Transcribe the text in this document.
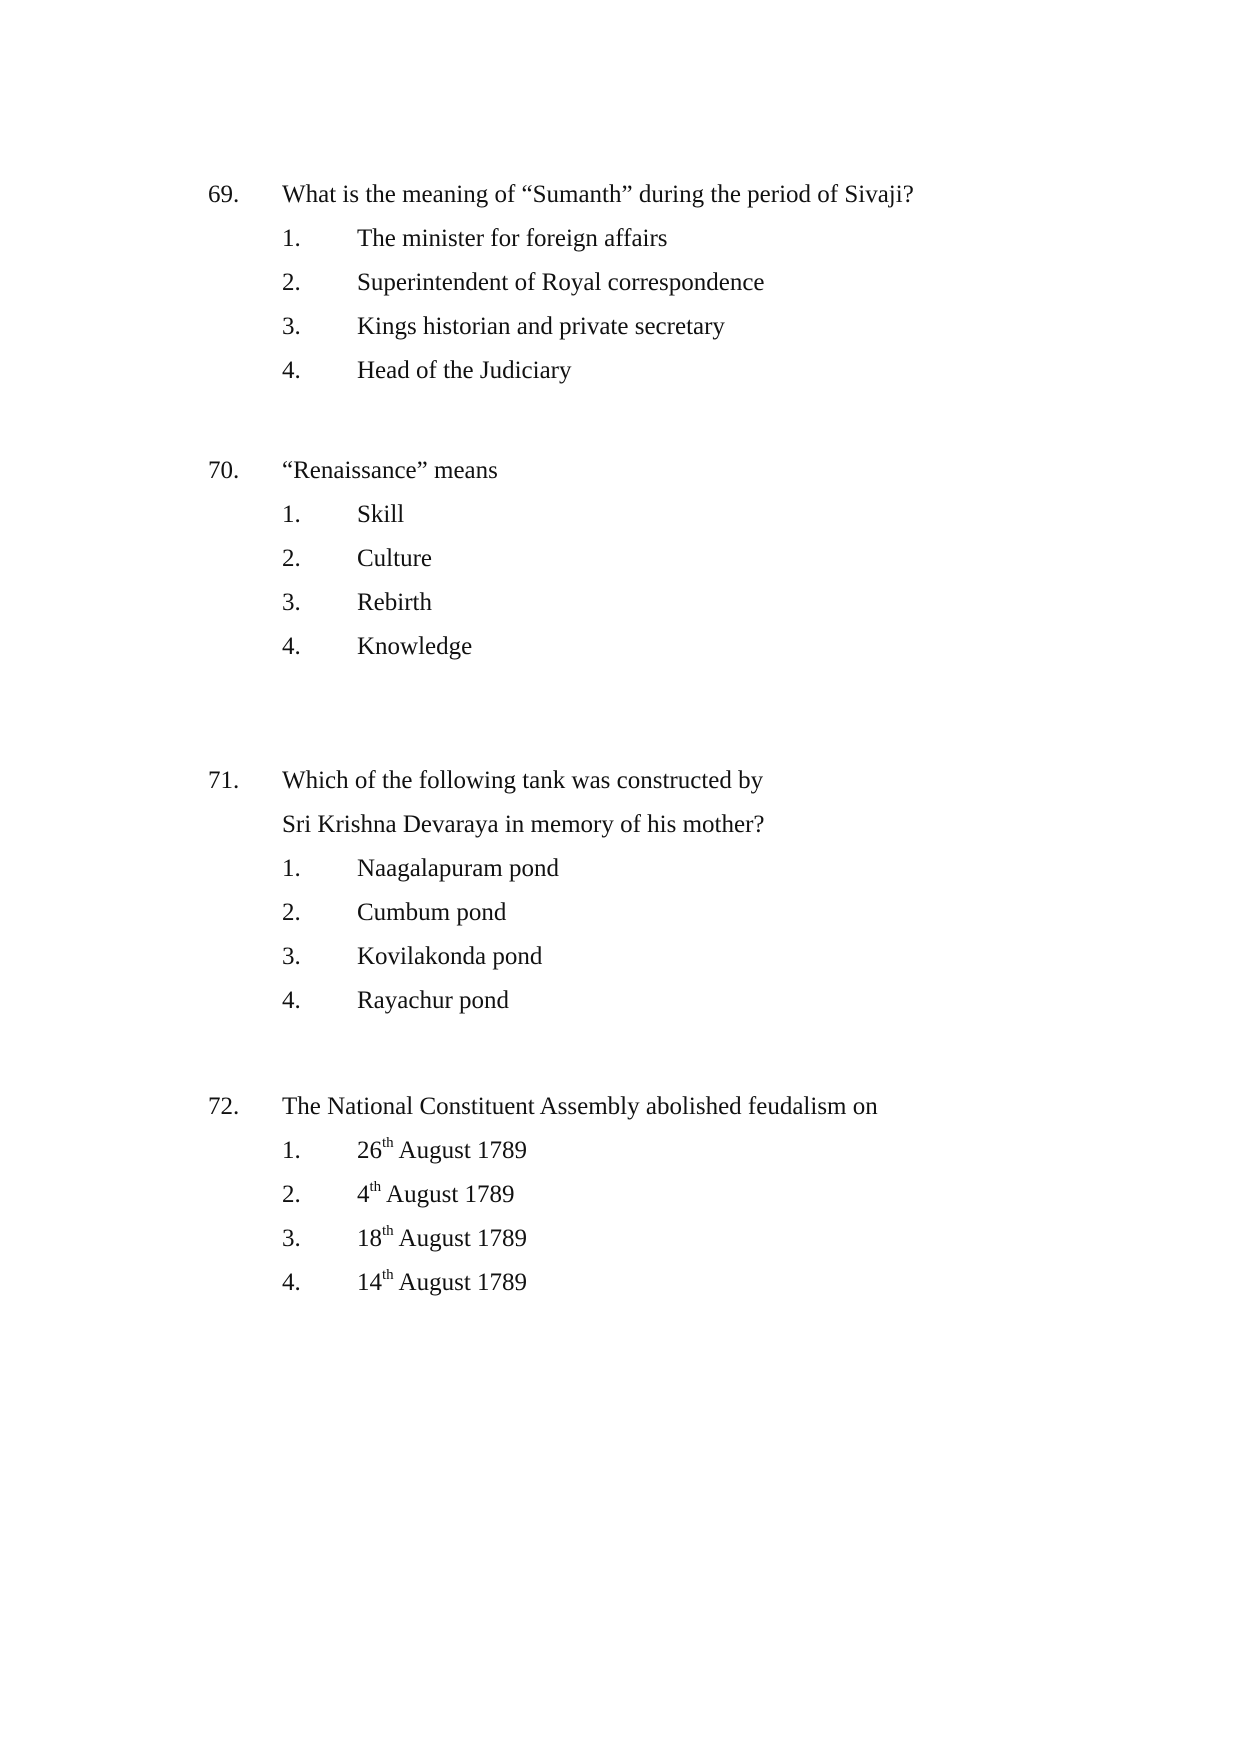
69. What is the meaning of “Sumanth” during the period of Sivaji?
1. The minister for foreign affairs
2. Superintendent of Royal correspondence
3. Kings historian and private secretary
4. Head of the Judiciary
70. “Renaissance” means
1. Skill
2. Culture
3. Rebirth
4. Knowledge
71. Which of the following tank was constructed by
Sri Krishna Devaraya in memory of his mother?
1. Naagalapuram pond
2. Cumbum pond
3. Kovilakonda pond
4. Rayachur pond
72. The National Constituent Assembly abolished feudalism on
1. 26th August 1789
2. 4th August 1789
3. 18th August 1789
4. 14th August 1789
